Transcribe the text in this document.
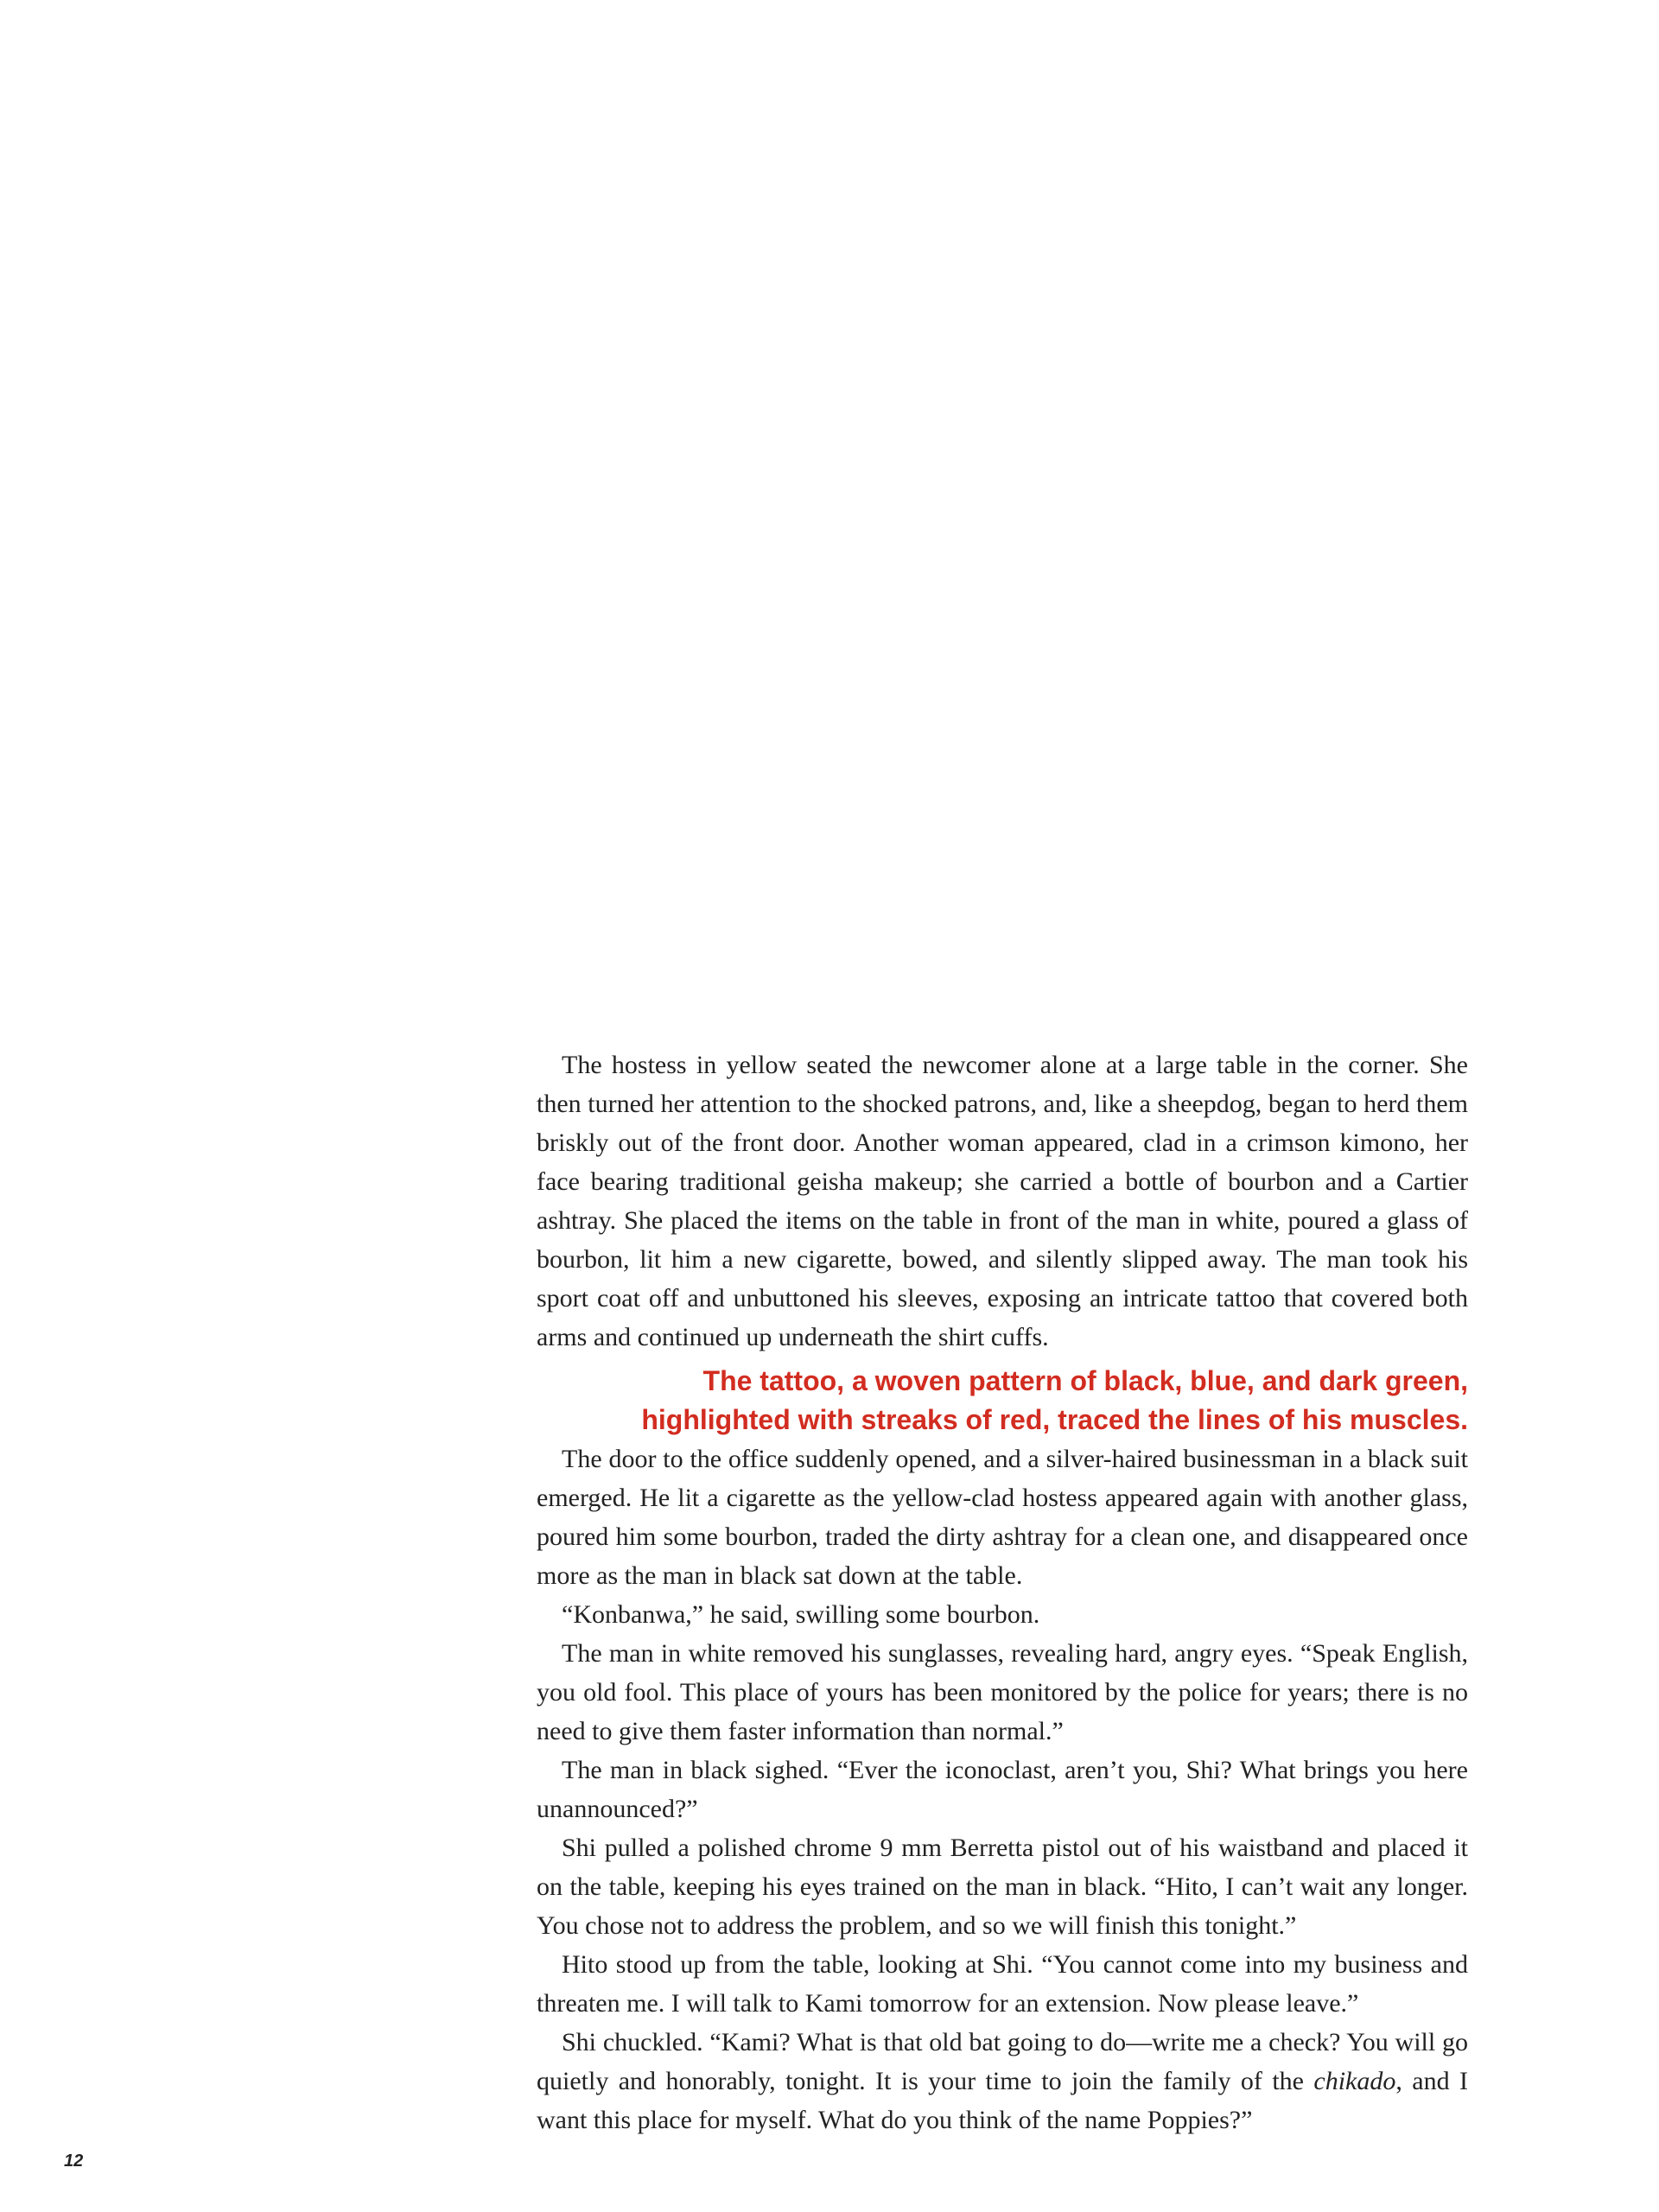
The hostess in yellow seated the newcomer alone at a large table in the corner. She then turned her attention to the shocked patrons, and, like a sheepdog, began to herd them briskly out of the front door. Another woman appeared, clad in a crimson kimono, her face bearing traditional geisha makeup; she carried a bottle of bourbon and a Cartier ashtray. She placed the items on the table in front of the man in white, poured a glass of bourbon, lit him a new cigarette, bowed, and silently slipped away. The man took his sport coat off and unbuttoned his sleeves, exposing an intricate tattoo that covered both arms and continued up underneath the shirt cuffs.

The tattoo, a woven pattern of black, blue, and dark green,
highlighted with streaks of red, traced the lines of his muscles.

The door to the office suddenly opened, and a silver-haired businessman in a black suit emerged. He lit a cigarette as the yellow-clad hostess appeared again with another glass, poured him some bourbon, traded the dirty ashtray for a clean one, and disappeared once more as the man in black sat down at the table.

“Konbanwa,” he said, swilling some bourbon.

The man in white removed his sunglasses, revealing hard, angry eyes. “Speak English, you old fool. This place of yours has been monitored by the police for years; there is no need to give them faster information than normal.”

The man in black sighed. “Ever the iconoclast, aren’t you, Shi? What brings you here unannounced?”

Shi pulled a polished chrome 9 mm Berretta pistol out of his waistband and placed it on the table, keeping his eyes trained on the man in black. “Hito, I can’t wait any longer. You chose not to address the problem, and so we will finish this tonight.”

Hito stood up from the table, looking at Shi. “You cannot come into my business and threaten me. I will talk to Kami tomorrow for an extension. Now please leave.”

Shi chuckled. “Kami? What is that old bat going to do—write me a check? You will go quietly and honorably, tonight. It is your time to join the family of the chikado, and I want this place for myself. What do you think of the name Poppies?”

12
